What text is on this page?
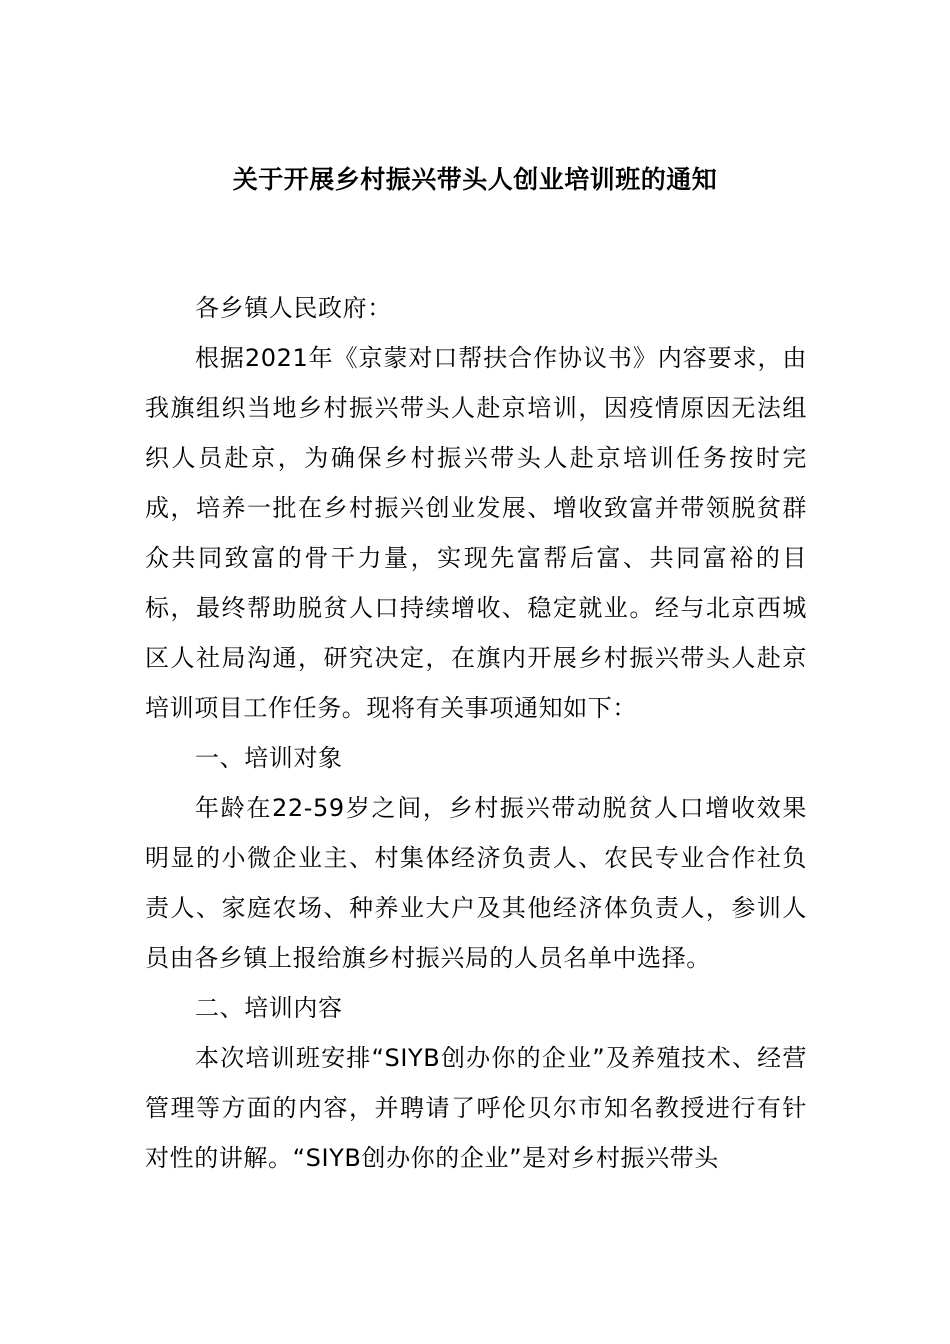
关于开展乡村振兴带头人创业培训班的通知

各乡镇人民政府：

根据2021年《京蒙对口帮扶合作协议书》内容要求，由我旗组织当地乡村振兴带头人赴京培训，因疫情原因无法组织人员赴京，为确保乡村振兴带头人赴京培训任务按时完成，培养一批在乡村振兴创业发展、增收致富并带领脱贫群众共同致富的骨干力量，实现先富帮后富、共同富裕的目标，最终帮助脱贫人口持续增收、稳定就业。经与北京西城区人社局沟通，研究决定，在旗内开展乡村振兴带头人赴京培训项目工作任务。现将有关事项通知如下：

一、培训对象

年龄在22-59岁之间，乡村振兴带动脱贫人口增收效果明显的小微企业主、村集体经济负责人、农民专业合作社负责人、家庭农场、种养业大户及其他经济体负责人，参训人员由各乡镇上报给旗乡村振兴局的人员名单中选择。

二、培训内容

本次培训班安排“SIYB创办你的企业”及养殖技术、经营管理等方面的内容，并聘请了呼伦贝尔市知名教授进行有针对性的讲解。“SIYB创办你的企业”是对乡村振兴带头
